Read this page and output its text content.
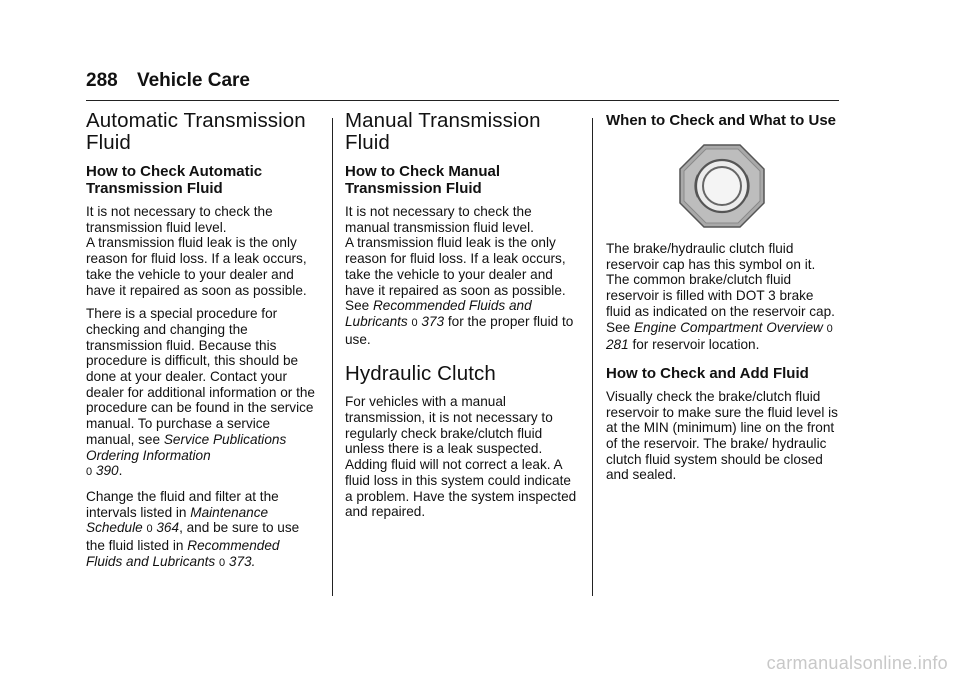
288 Vehicle Care
Automatic Transmission Fluid
How to Check Automatic Transmission Fluid

It is not necessary to check the transmission fluid level.
A transmission fluid leak is the only reason for fluid loss. If a leak occurs, take the vehicle to your dealer and have it repaired as soon as possible.

There is a special procedure for checking and changing the transmission fluid. Because this procedure is difficult, this should be done at your dealer. Contact your dealer for additional information or the procedure can be found in the service manual. To purchase a service manual, see Service Publications Ordering Information
0 390.

Change the fluid and filter at the intervals listed in Maintenance Schedule 0 364, and be sure to use the fluid listed in Recommended Fluids and Lubricants 0 373.

Manual Transmission Fluid
How to Check Manual Transmission Fluid

It is not necessary to check the manual transmission fluid level.
A transmission fluid leak is the only reason for fluid loss. If a leak occurs, take the vehicle to your dealer and have it repaired as soon as possible. See Recommended Fluids and Lubricants 0 373 for the proper fluid to use.

Hydraulic Clutch

For vehicles with a manual transmission, it is not necessary to regularly check brake/clutch fluid unless there is a leak suspected. Adding fluid will not correct a leak. A fluid loss in this system could indicate a problem. Have the system inspected and repaired.

When to Check and What to Use

The brake/hydraulic clutch fluid reservoir cap has this symbol on it. The common brake/clutch fluid reservoir is filled with DOT 3 brake fluid as indicated on the reservoir cap. See Engine Compartment Overview 0 281 for reservoir location.

How to Check and Add Fluid

Visually check the brake/clutch fluid reservoir to make sure the fluid level is at the MIN (minimum) line on the front of the reservoir. The brake/ hydraulic clutch fluid system should be closed and sealed.

carmanualsonline.info
